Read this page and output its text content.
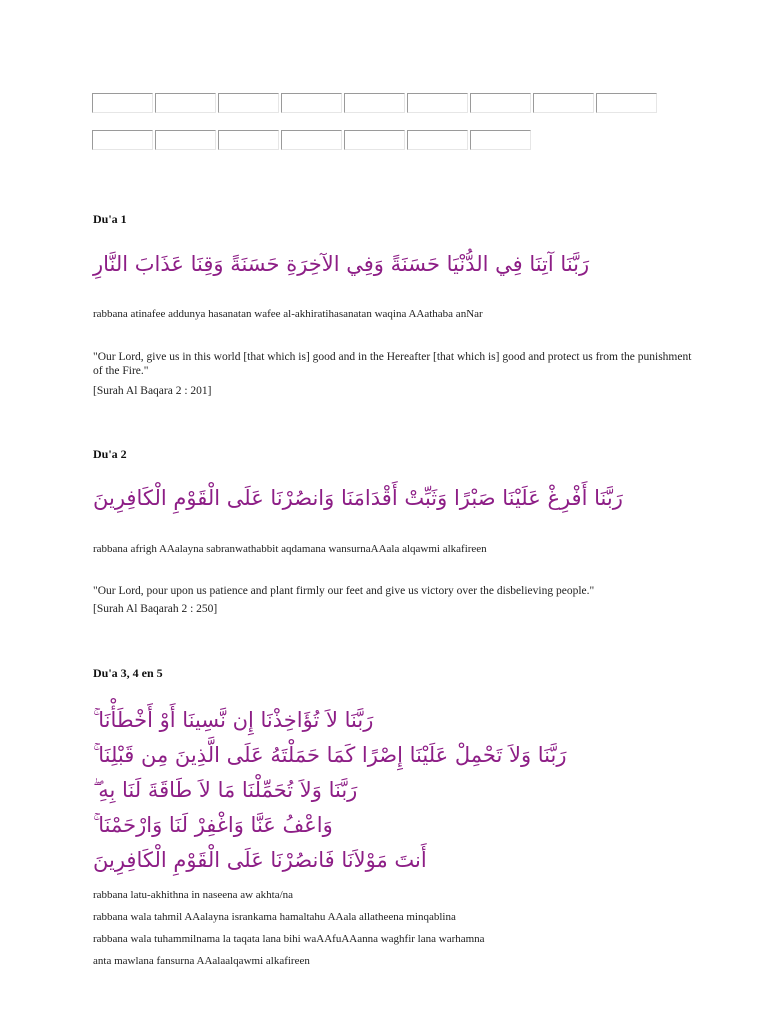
Du'a 1
رَبَّنَا آتِنَا فِي الدُّنْيَا حَسَنَةً وَفِي الآخِرَةِ حَسَنَةً وَقِنَا عَذَابَ النَّارِ
rabbana atinafee addunya hasanatan wafee al-akhiratihasanatan waqina AAathaba anNar
"Our Lord, give us in this world [that which is] good and in the Hereafter [that which is] good and protect us from the punishment of the Fire."
[Surah Al Baqara 2 : 201]
Du'a 2
رَبَّنَا أَفْرِغْ عَلَيْنَا صَبْرًا وَثَبِّتْ أَقْدَامَنَا وَانصُرْنَا عَلَى الْقَوْمِ الْكَافِرِينَ
rabbana afrigh AAalayna sabranwathabbit aqdamana wansurnaAAala alqawmi alkafireen
"Our Lord, pour upon us patience and plant firmly our feet and give us victory over the disbelieving people."
[Surah Al Baqarah 2 : 250]
Du'a 3, 4 en 5
رَبَّنَا لاَ تُؤَاخِذْنَا إِن نَّسِينَا أَوْ أَخْطَأْنَا ۚ
رَبَّنَا وَلاَ تَحْمِلْ عَلَيْنَا إِصْرًا كَمَا حَمَلْتَهُ عَلَى الَّذِينَ مِن قَبْلِنَا ۚ
رَبَّنَا وَلاَ تُحَمِّلْنَا مَا لاَ طَاقَةَ لَنَا بِهِ ۖ
وَاعْفُ عَنَّا وَاغْفِرْ لَنَا وَارْحَمْنَا ۚ
أَنتَ مَوْلاَنَا فَانصُرْنَا عَلَى الْقَوْمِ الْكَافِرِينَ
rabbana latu-akhithna in naseena aw akhta/na
rabbana wala tahmil AAalayna isrankama hamaltahu AAala allatheena minqablina
rabbana wala tuhammilnama la taqata lana bihi waAAfuAAanna waghfir lana warhamna
anta mawlana fansurna AAalaalqawmi alkafireen
